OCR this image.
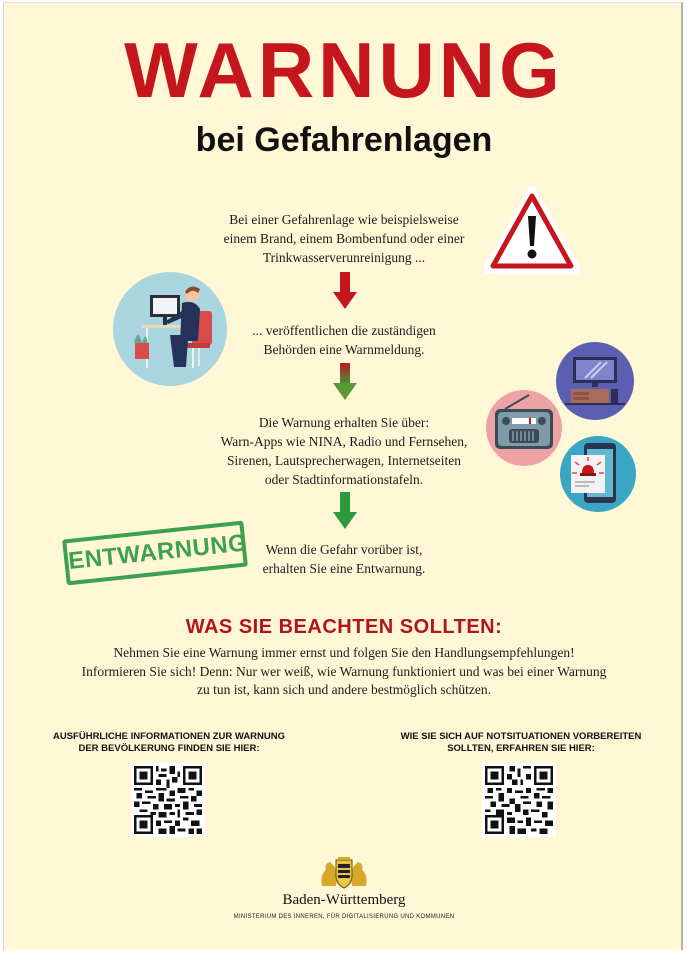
WARNUNG
bei Gefahrenlagen
Bei einer Gefahrenlage wie beispielsweise
einem Brand, einem Bombenfund oder einer
Trinkwasserverunreinigung ...
... veröffentlichen die zuständigen
Behörden eine Warnmeldung.
Die Warnung erhalten Sie über:
Warn-Apps wie NINA, Radio und Fernsehen,
Sirenen, Lautsprecherwagen, Internetseiten
oder Stadtinformationstafeln.
ENTWARNUNG	Wenn die Gefahr vorüber ist,
erhalten Sie eine Entwarnung.
WAS SIE BEACHTEN SOLLTEN:
Nehmen Sie eine Warnung immer ernst und folgen Sie den Handlungsempfehlungen!
Informieren Sie sich! Denn: Nur wer weiß, wie Warnung funktioniert und was bei einer Warnung
zu tun ist, kann sich und andere bestmöglich schützen.
AUSFÜHRLICHE INFORMATIONEN ZUR WARNUNG
DER BEVÖLKERUNG FINDEN SIE HIER:
WIE SIE SICH AUF NOTSITUATIONEN VORBEREITEN
SOLLTEN, ERFAHREN SIE HIER:
Baden-Württemberg
MINISTERIUM DES INNEREN, FÜR DIGITALISIERUNG UND KOMMUNEN
